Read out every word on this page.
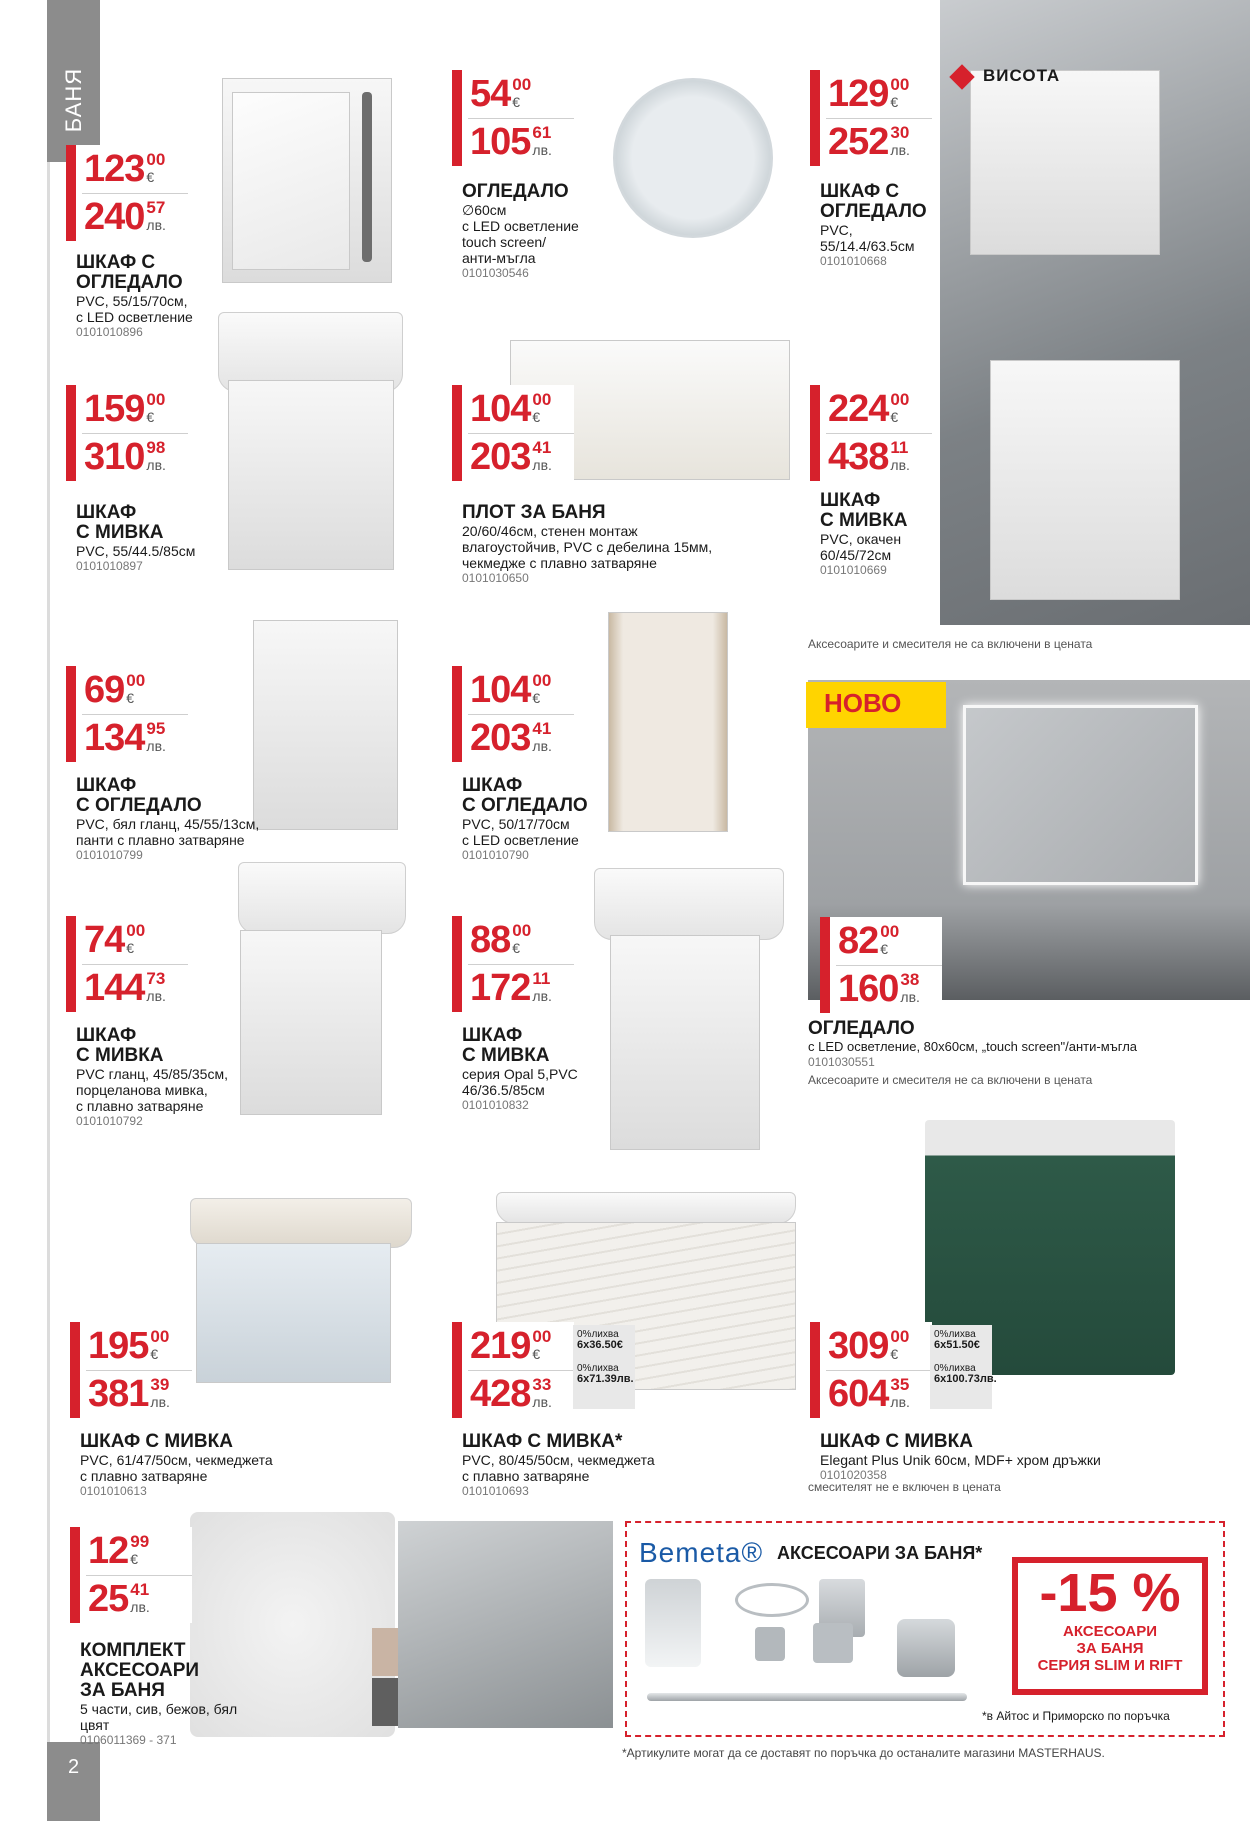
БАНЯ
2
ВИСОТА
НОВО
123 00
€
240 57
лв.
ШКАФ С
ОГЛЕДАЛО
PVC, 55/15/70см,
с LED осветление
0101010896
54 00
€
105 61
лв.
ОГЛЕДАЛО
∅60см
с LED осветление
touch screen/
анти-мъгла
0101030546
129 00
€
252 30
лв.
ШКАФ С
ОГЛЕДАЛО
PVC,
55/14.4/63.5см
0101010668
159 00
€
310 98
лв.
ШКАФ
С МИВКА
PVC, 55/44.5/85см
0101010897
104 00
€
203 41
лв.
ПЛОТ ЗА БАНЯ
20/60/46см, стенен монтаж
влагоустойчив, PVC с дебелина 15мм,
чекмедже с плавно затваряне
0101010650
224 00
€
438 11
лв.
ШКАФ
С МИВКА
PVC, окачен
60/45/72см
0101010669
Аксесоарите и смесителя не са включени в цената
69 00
€
134 95
лв.
ШКАФ
С ОГЛЕДАЛО
PVC, бял гланц, 45/55/13см,
панти с плавно затваряне
0101010799
104 00
€
203 41
лв.
ШКАФ
С ОГЛЕДАЛО
PVC, 50/17/70см
с LED осветление
0101010790
82 00
€
160 38
лв.
ОГЛЕДАЛО
с LED осветление, 80x60см, „touch screen"/анти-мъгла
0101030551
Аксесоарите и смесителя не са включени в цената
74 00
€
144 73
лв.
ШКАФ
С МИВКА
PVC гланц, 45/85/35см,
порцеланова мивка,
с плавно затваряне
0101010792
88 00
€
172 11
лв.
ШКАФ
С МИВКА
серия Opal 5,PVC
46/36.5/85см
0101010832
195 00
€
381 39
лв.
ШКАФ С МИВКА
PVC, 61/47/50см, чекмеджета
с плавно затваряне
0101010613
219 00
€
428 33
лв.
ШКАФ С МИВКА*
PVC, 80/45/50см, чекмеджета
с плавно затваряне
0101010693
0%лихва
6x36.50€
0%лихва
6x71.39лв.
309 00
€
604 35
лв.
ШКАФ С МИВКА
Elegant Plus Unik 60см, MDF+ хром дръжки
0101020358
0%лихва
6x51.50€
0%лихва
6x100.73лв.
смесителят не е включен в цената
12 99
€
25 41
лв.
КОМПЛЕКТ
АКСЕСОАРИ
ЗА БАНЯ
5 части, сив, бежов, бял цвят
0106011369 - 371
Bemeta® АКСЕСОАРИ ЗА БАНЯ*
-15 %
АКСЕСОАРИ
ЗА БАНЯ
СЕРИЯ SLIM И RIFT
*в Айтос и Приморско по поръчка
*Артикулите могат да се доставят по поръчка до останалите магазини MASTERHAUS.
